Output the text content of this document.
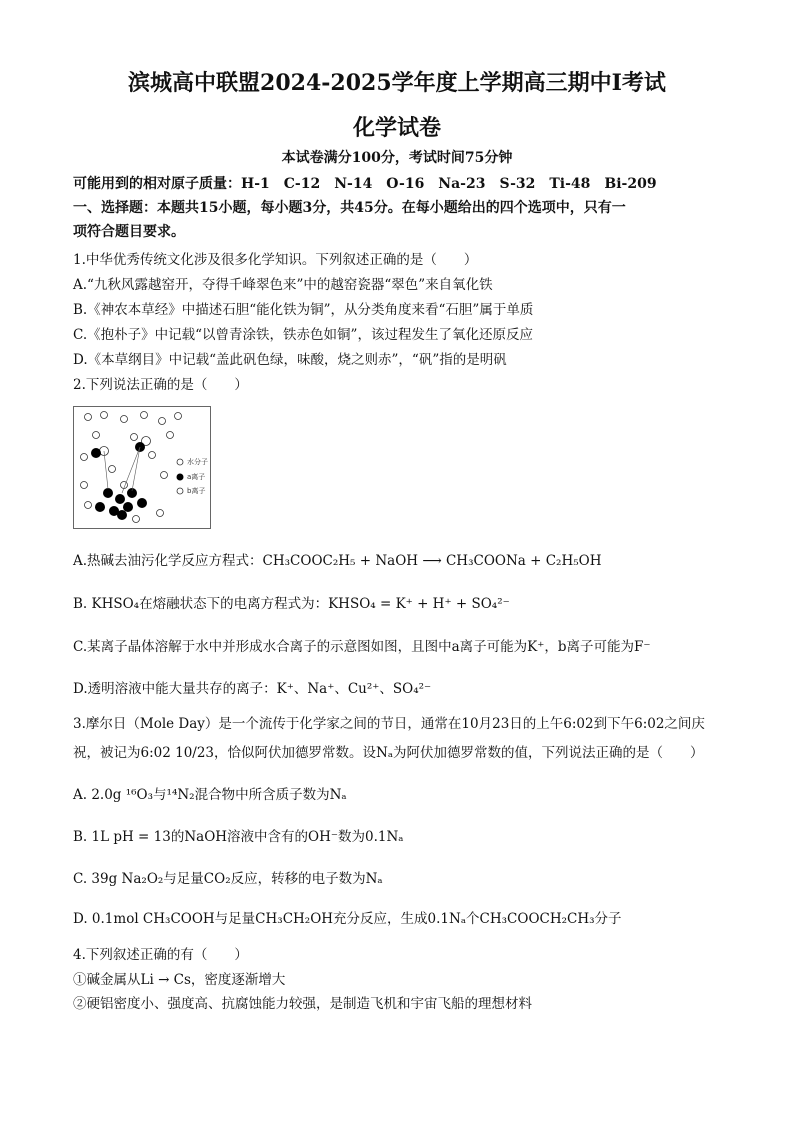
滨城高中联盟2024-2025学年度上学期高三期中Ⅰ考试
化学试卷
本试卷满分100分，考试时间75分钟
可能用到的相对原子质量：H-1　C-12　N-14　O-16　Na-23　S-32　Ti-48　Bi-209
一、选择题：本题共15小题，每小题3分，共45分。在每小题给出的四个选项中，只有一
项符合题目要求。
1.中华优秀传统文化涉及很多化学知识。下列叙述正确的是（　　）
A.“九秋风露越窑开，夺得千峰翠色来”中的越窑瓷器“翠色”来自氧化铁
B.《神农本草经》中描述石胆“能化铁为铜”，从分类角度来看“石胆”属于单质
C.《抱朴子》中记载“以曾青涂铁，铁赤色如铜”，该过程发生了氧化还原反应
D.《本草纲目》中记载“盖此矾色绿，味酸，烧之则赤”，“矾”指的是明矾
2.下列说法正确的是（　　）
水分子
a离子
b离子
A.热碱去油污化学反应方程式：CH₃COOC₂H₅ + NaOH ⟶ CH₃COONa + C₂H₅OH
B. KHSO₄在熔融状态下的电离方程式为：KHSO₄ = K⁺ + H⁺ + SO₄²⁻
C.某离子晶体溶解于水中并形成水合离子的示意图如图，且图中a离子可能为K⁺，b离子可能为F⁻
D.透明溶液中能大量共存的离子：K⁺、Na⁺、Cu²⁺、SO₄²⁻
3.摩尔日（Mole Day）是一个流传于化学家之间的节日，通常在10月23日的上午6:02到下午6:02之间庆
祝，被记为6:02 10/23，恰似阿伏加德罗常数。设Nₐ为阿伏加德罗常数的值，下列说法正确的是（　　）
A. 2.0g ¹⁶O₃与¹⁴N₂混合物中所含质子数为Nₐ
B. 1L pH = 13的NaOH溶液中含有的OH⁻数为0.1Nₐ
C. 39g Na₂O₂与足量CO₂反应，转移的电子数为Nₐ
D. 0.1mol CH₃COOH与足量CH₃CH₂OH充分反应，生成0.1Nₐ个CH₃COOCH₂CH₃分子
4.下列叙述正确的有（　　）
①碱金属从Li → Cs，密度逐渐增大
②硬铝密度小、强度高、抗腐蚀能力较强，是制造飞机和宇宙飞船的理想材料
